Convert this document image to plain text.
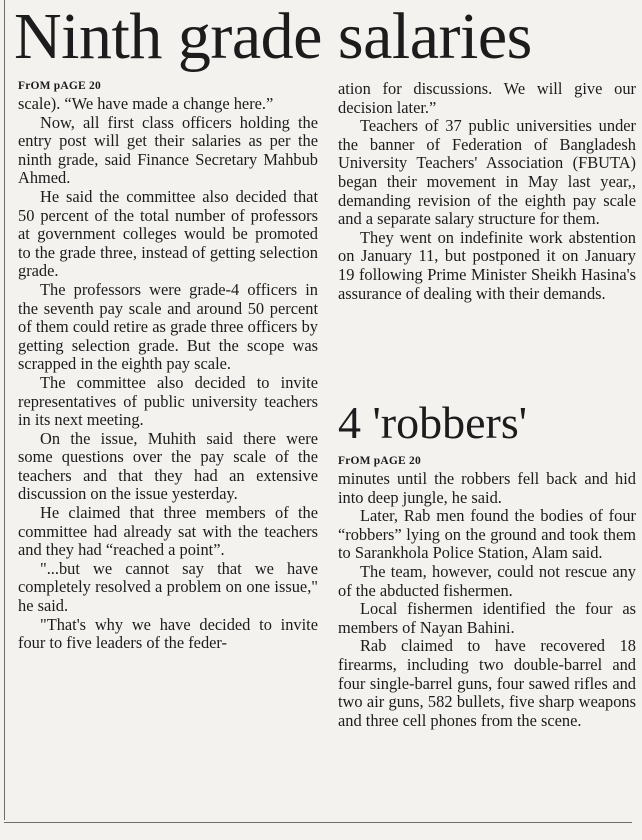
Ninth grade salaries
FrOM pAGE 20

scale). “We have made a change here.”

Now, all first class officers holding the entry post will get their salaries as per the ninth grade, said Finance Secretary Mahbub Ahmed.

He said the committee also decided that 50 percent of the total number of professors at government colleges would be promoted to the grade three, instead of getting selection grade.

The professors were grade-4 officers in the seventh pay scale and around 50 percent of them could retire as grade three officers by getting selection grade. But the scope was scrapped in the eighth pay scale.

The committee also decided to invite representatives of public university teachers in its next meeting.

On the issue, Muhith said there were some questions over the pay scale of the teachers and that they had an extensive discussion on the issue yesterday.

He claimed that three members of the committee had already sat with the teachers and they had “reached a point”.

"...but we cannot say that we have completely resolved a problem on one issue," he said.

"That's why we have decided to invite four to five leaders of the feder-

ation for discussions. We will give our decision later.”

Teachers of 37 public universities under the banner of Federation of Bangladesh University Teachers' Association (FBUTA) began their movement in May last year,, demanding revision of the eighth pay scale and a separate salary structure for them.

They went on indefinite work abstention on January 11, but postponed it on January 19 following Prime Minister Sheikh Hasina's assurance of dealing with their demands.

4 'robbers'
FrOM pAGE 20

minutes until the robbers fell back and hid into deep jungle, he said.

Later, Rab men found the bodies of four “robbers” lying on the ground and took them to Sarankhola Police Station, Alam said.

The team, however, could not rescue any of the abducted fishermen.

Local fishermen identified the four as members of Nayan Bahini.

Rab claimed to have recovered 18 firearms, including two double-barrel and four single-barrel guns, four sawed rifles and two air guns, 582 bullets, five sharp weapons and three cell phones from the scene.
